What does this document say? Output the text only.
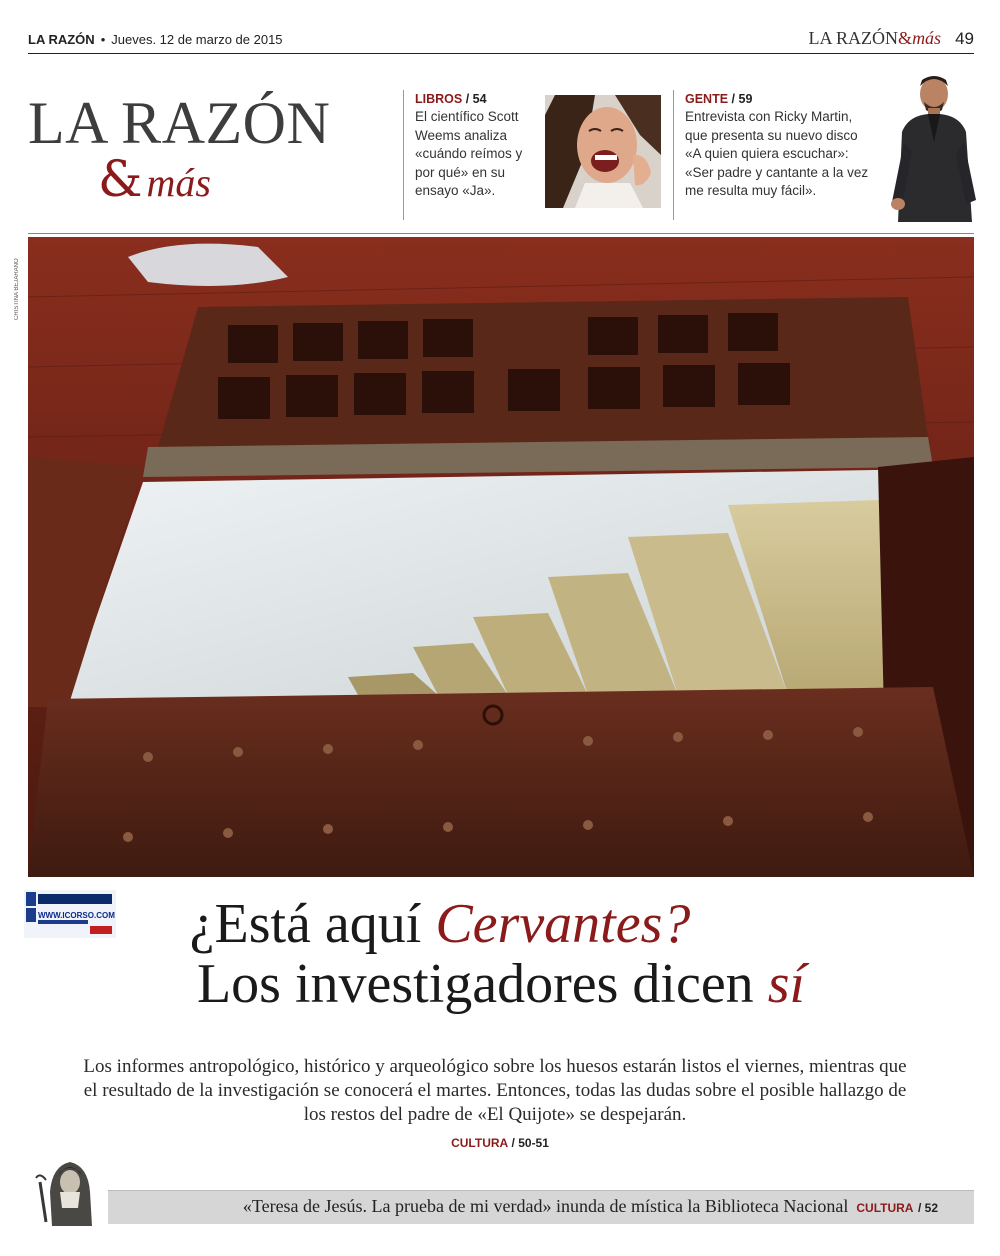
LA RAZÓN • Jueves. 12 de marzo de 2015	LA RAZÓN&más 49
LA RAZÓN
& más
LIBROS / 54
El científico Scott Weems analiza «cuándo reímos y por qué» en su ensayo «Ja».
GENTE / 59
Entrevista con Ricky Martin, que presenta su nuevo disco «A quien quiera escuchar»: «Ser padre y cantante a la vez me resulta muy fácil».
CRISTINA BEJARANO
WWW.ICORSO.COM	¿Está aquí Cervantes?
Los investigadores dicen sí
Los informes antropológico, histórico y arqueológico sobre los huesos estarán listos el viernes, mientras que el resultado de la investigación se conocerá el martes. Entonces, todas las dudas sobre el posible hallazgo de los restos del padre de «El Quijote» se despejarán.
CULTURA / 50-51
«Teresa de Jesús. La prueba de mi verdad» inunda de mística la Biblioteca Nacional CULTURA / 52
